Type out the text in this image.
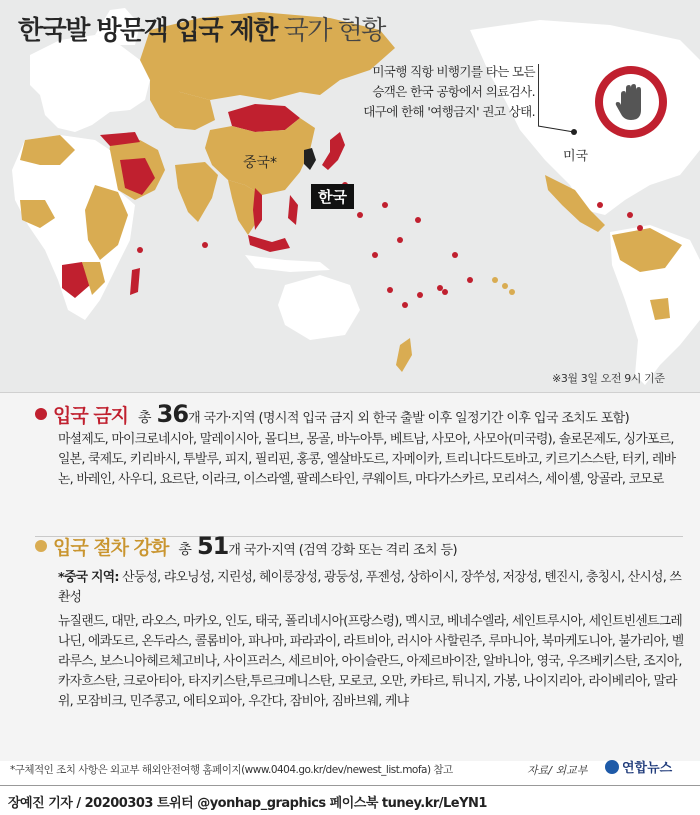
한국발 방문객 입국 제한 국가 현황
미국행 직항 비행기를 타는 모든
승객은 한국 공항에서 의료검사.
대구에 한해 '여행금지' 권고 상태.
미국
중국*
한국
※3월 3일 오전 9시 기준
입국 금지 총 36개 국가·지역 (명시적 입국 금지 외 한국 출발 이후 일정기간 이후 입국 조치도 포함)
마셜제도, 마이크로네시아, 말레이시아, 몰디브, 몽골, 바누아투, 베트남, 사모아, 사모아(미국령), 솔로몬제도, 싱가포르, 일본, 쿡제도, 키리바시, 투발루, 피지, 필리핀, 홍콩, 엘살바도르, 자메이카, 트리니다드토바고, 키르기스스탄, 터키, 레바논, 바레인, 사우디, 요르단, 이라크, 이스라엘, 팔레스타인, 쿠웨이트, 마다가스카르, 모리셔스, 세이셸, 앙골라, 코모로
입국 절차 강화 총 51개 국가·지역 (검역 강화 또는 격리 조치 등)
*중국 지역: 산둥성, 랴오닝성, 지린성, 헤이룽장성, 광둥성, 푸젠성, 상하이시, 장쑤성, 저장성, 톈진시, 충칭시, 산시성, 쓰촨성
뉴질랜드, 대만, 라오스, 마카오, 인도, 태국, 폴리네시아(프랑스령), 멕시코, 베네수엘라, 세인트루시아, 세인트빈센트그레나딘, 에콰도르, 온두라스, 콜롬비아, 파나마, 파라과이, 라트비아, 러시아 사할린주, 루마니아, 북마케도니아, 불가리아, 벨라루스, 보스니아헤르체고비나, 사이프러스, 세르비아, 아이슬란드, 아제르바이잔, 알바니아, 영국, 우즈베키스탄, 조지아, 카자흐스탄, 크로아티아, 타지키스탄,투르크메니스탄, 모로코, 오만, 카타르, 튀니지, 가봉, 나이지리아, 라이베리아, 말라위, 모잠비크, 민주콩고, 에티오피아, 우간다, 잠비아, 짐바브웨, 케냐
*구체적인 조치 사항은 외교부 해외안전여행 홈페이지(www.0404.go.kr/dev/newest_list.mofa) 참고	자료/ 외교부	연합뉴스
장예진 기자 / 20200303 트위터 @yonhap_graphics 페이스북 tuney.kr/LeYN1
